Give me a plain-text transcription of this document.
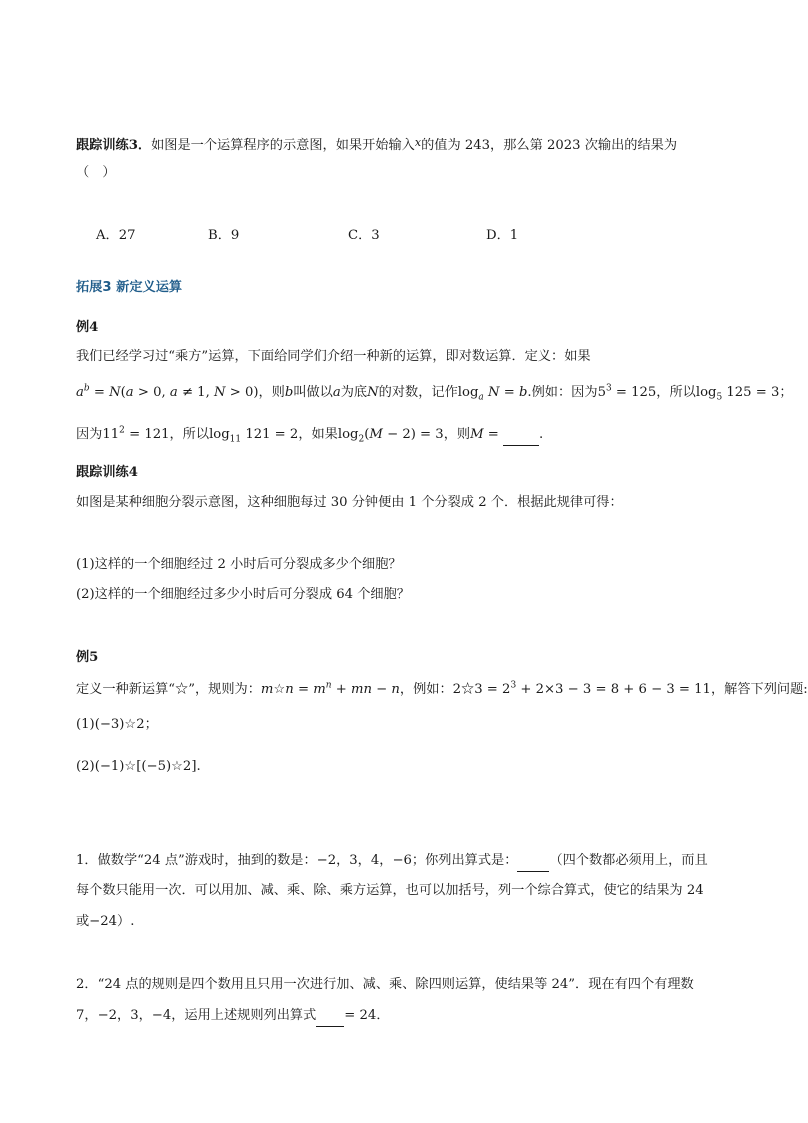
跟踪训练3．如图是一个运算程序的示意图，如果开始输入$^x$的值为 243，那么第 2023 次输出的结果为
（　）
A．27	B．9	C．3	D．1
拓展3 新定义运算
例4
我们已经学习过“乘方”运算，下面给同学们介绍一种新的运算，即对数运算．定义：如果
$a^b = N(a > 0$, a ≠ 1, N > 0)，则b叫做以a为底N的对数，记作$\log_a N = b$.例如：因为$5^3 = 125$，所以$\log_5 125 = 3$；
因为$11^2 = 121$，所以$\log_{11} 121 = 2$，如果$\log_2(M - 2) = 3$，则M =	.
跟踪训练4
如图是某种细胞分裂示意图，这种细胞每过 30 分钟便由 1 个分裂成 2 个．根据此规律可得：
(1)这样的一个细胞经过 2 小时后可分裂成多少个细胞？
(2)这样的一个细胞经过多少小时后可分裂成 64 个细胞？
例5
定义一种新运算“☆”，规则为：m☆n = $m^n$ + mn − n，例如：2☆3 = $2^3 + 2\times 3 - 3 = 8 + 6 - 3 = 11$，解答下列问题:
(1)(−3)☆2；
(2)(−1)☆[(−5)☆2].
1．做数学“24 点”游戏时，抽到的数是：−2，3，4，−6；你列出算式是： （四个数都必须用上，而且
每个数只能用一次．可以用加、减、乘、除、乘方运算，也可以加括号，列一个综合算式，使它的结果为 24
或−24）.
2．“24 点的规则是四个数用且只用一次进行加、减、乘、除四则运算，使结果等 24”．现在有四个有理数
7，−2，3，−4，运用上述规则列出算式 = 24．
